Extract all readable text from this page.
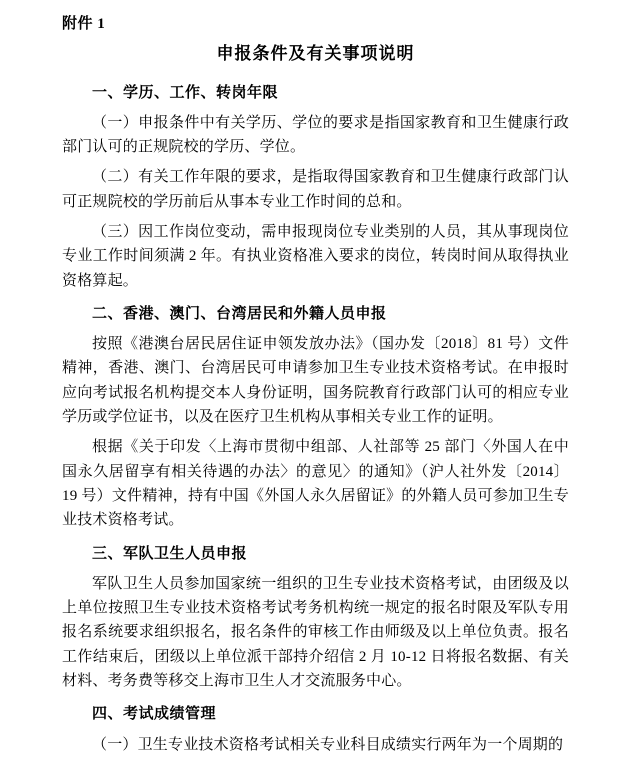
附件 1
申报条件及有关事项说明
一、学历、工作、转岗年限
（一）申报条件中有关学历、学位的要求是指国家教育和卫生健康行政部门认可的正规院校的学历、学位。
（二）有关工作年限的要求，是指取得国家教育和卫生健康行政部门认可正规院校的学历前后从事本专业工作时间的总和。
（三）因工作岗位变动，需申报现岗位专业类别的人员，其从事现岗位专业工作时间须满 2 年。有执业资格准入要求的岗位，转岗时间从取得执业资格算起。
二、香港、澳门、台湾居民和外籍人员申报
按照《港澳台居民居住证申领发放办法》（国办发〔2018〕81 号）文件精神，香港、澳门、台湾居民可申请参加卫生专业技术资格考试。在申报时应向考试报名机构提交本人身份证明，国务院教育行政部门认可的相应专业学历或学位证书，以及在医疗卫生机构从事相关专业工作的证明。
根据《关于印发〈上海市贯彻中组部、人社部等 25 部门〈外国人在中国永久居留享有相关待遇的办法〉的意见〉的通知》（沪人社外发〔2014〕19 号）文件精神，持有中国《外国人永久居留证》的外籍人员可参加卫生专业技术资格考试。
三、军队卫生人员申报
军队卫生人员参加国家统一组织的卫生专业技术资格考试，由团级及以上单位按照卫生专业技术资格考试考务机构统一规定的报名时限及军队专用报名系统要求组织报名，报名条件的审核工作由师级及以上单位负责。报名工作结束后，团级以上单位派干部持介绍信 2 月 10-12 日将报名数据、有关材料、考务费等移交上海市卫生人才交流服务中心。
四、考试成绩管理
（一）卫生专业技术资格考试相关专业科目成绩实行两年为一个周期的
